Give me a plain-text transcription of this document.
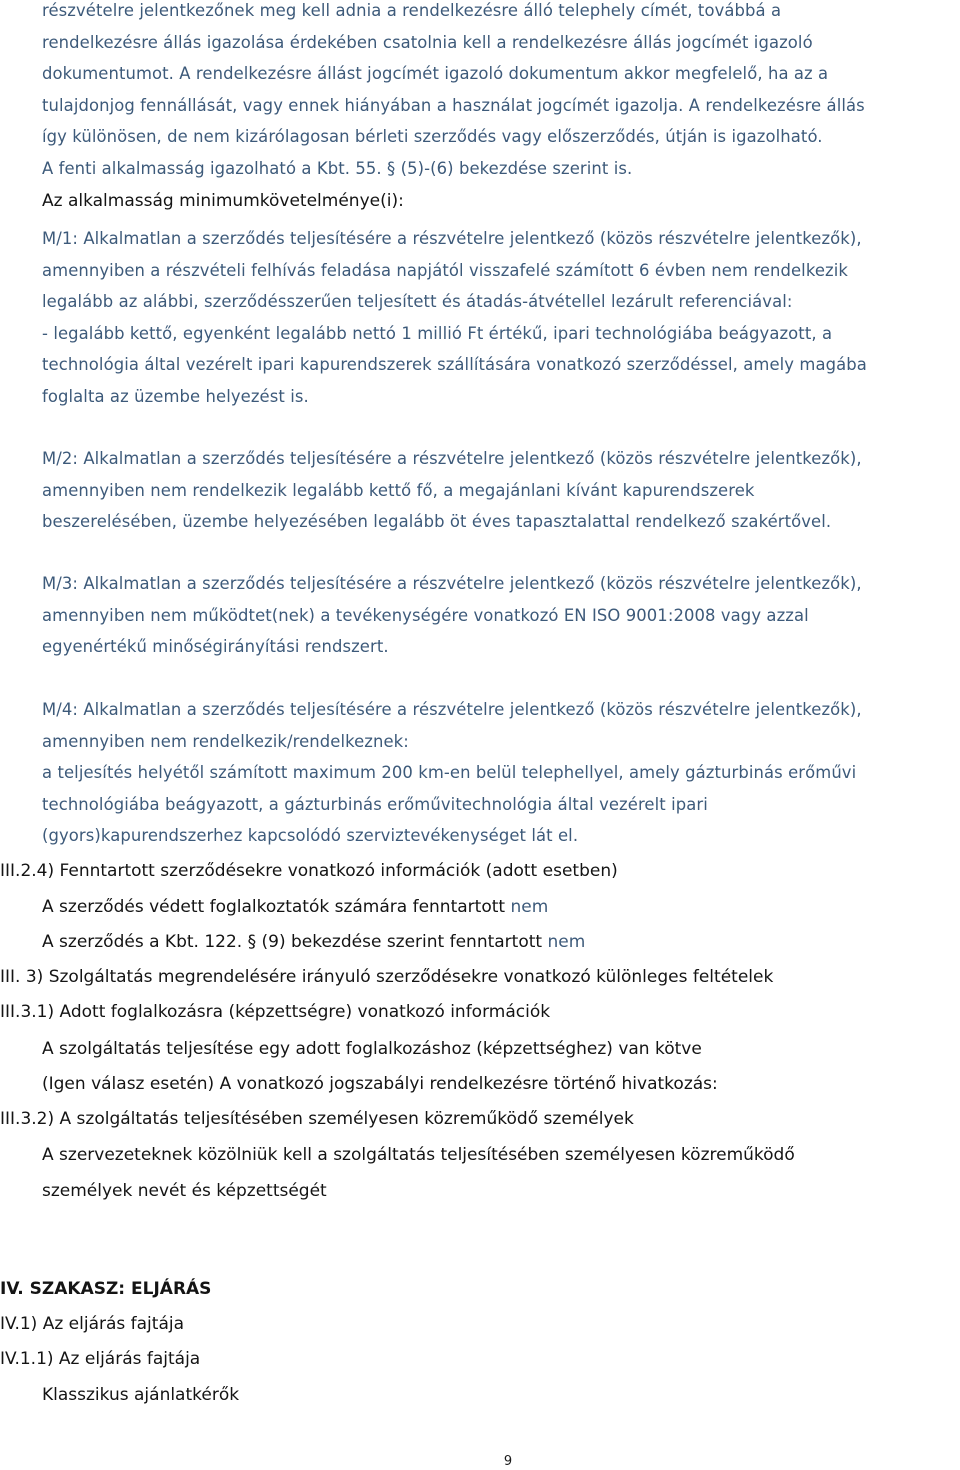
részvételre jelentkezőnek meg kell adnia a rendelkezésre álló telephely címét, továbbá a
rendelkezésre állás igazolása érdekében csatolnia kell a rendelkezésre állás jogcímét igazoló
dokumentumot. A rendelkezésre állást jogcímét igazoló dokumentum akkor megfelelő, ha az a
tulajdonjog fennállását, vagy ennek hiányában a használat jogcímét igazolja. A rendelkezésre állás
így különösen, de nem kizárólagosan bérleti szerződés vagy előszerződés, útján is igazolható.
A fenti alkalmasság igazolható a Kbt. 55. § (5)-(6) bekezdése szerint is.
Az alkalmasság minimumkövetelménye(i):
M/1: Alkalmatlan a szerződés teljesítésére a részvételre jelentkező (közös részvételre jelentkezők),
amennyiben a részvételi felhívás feladása napjától visszafelé számított 6 évben nem rendelkezik
legalább az alábbi, szerződésszerűen teljesített és átadás-átvétellel lezárult referenciával:
- legalább kettő, egyenként legalább nettó 1 millió Ft értékű, ipari technológiába beágyazott, a
technológia által vezérelt ipari kapurendszerek szállítására vonatkozó szerződéssel, amely magába
foglalta az üzembe helyezést is.
M/2: Alkalmatlan a szerződés teljesítésére a részvételre jelentkező (közös részvételre jelentkezők),
amennyiben nem rendelkezik legalább kettő fő, a megajánlani kívánt kapurendszerek
beszerelésében, üzembe helyezésében legalább öt éves tapasztalattal rendelkező szakértővel.
M/3: Alkalmatlan a szerződés teljesítésére a részvételre jelentkező (közös részvételre jelentkezők),
amennyiben nem működtet(nek) a tevékenységére vonatkozó EN ISO 9001:2008 vagy azzal
egyenértékű minőségirányítási rendszert.
M/4: Alkalmatlan a szerződés teljesítésére a részvételre jelentkező (közös részvételre jelentkezők),
amennyiben nem rendelkezik/rendelkeznek:
a teljesítés helyétől számított maximum 200 km-en belül telephellyel, amely gázturbinás erőművi
technológiába beágyazott, a gázturbinás erőművitechnológia által vezérelt ipari
(gyors)kapurendszerhez kapcsolódó szerviztevékenységet lát el.
III.2.4) Fenntartott szerződésekre vonatkozó információk (adott esetben)
A szerződés védett foglalkoztatók számára fenntartott nem
A szerződés a Kbt. 122. § (9) bekezdése szerint fenntartott nem
III. 3) Szolgáltatás megrendelésére irányuló szerződésekre vonatkozó különleges feltételek
III.3.1) Adott foglalkozásra (képzettségre) vonatkozó információk
A szolgáltatás teljesítése egy adott foglalkozáshoz (képzettséghez) van kötve
(Igen válasz esetén) A vonatkozó jogszabályi rendelkezésre történő hivatkozás:
III.3.2) A szolgáltatás teljesítésében személyesen közreműködő személyek
A szervezeteknek közölniük kell a szolgáltatás teljesítésében személyesen közreműködő
személyek nevét és képzettségét
IV. SZAKASZ: ELJÁRÁS
IV.1) Az eljárás fajtája
IV.1.1) Az eljárás fajtája
Klasszikus ajánlatkérők
9
